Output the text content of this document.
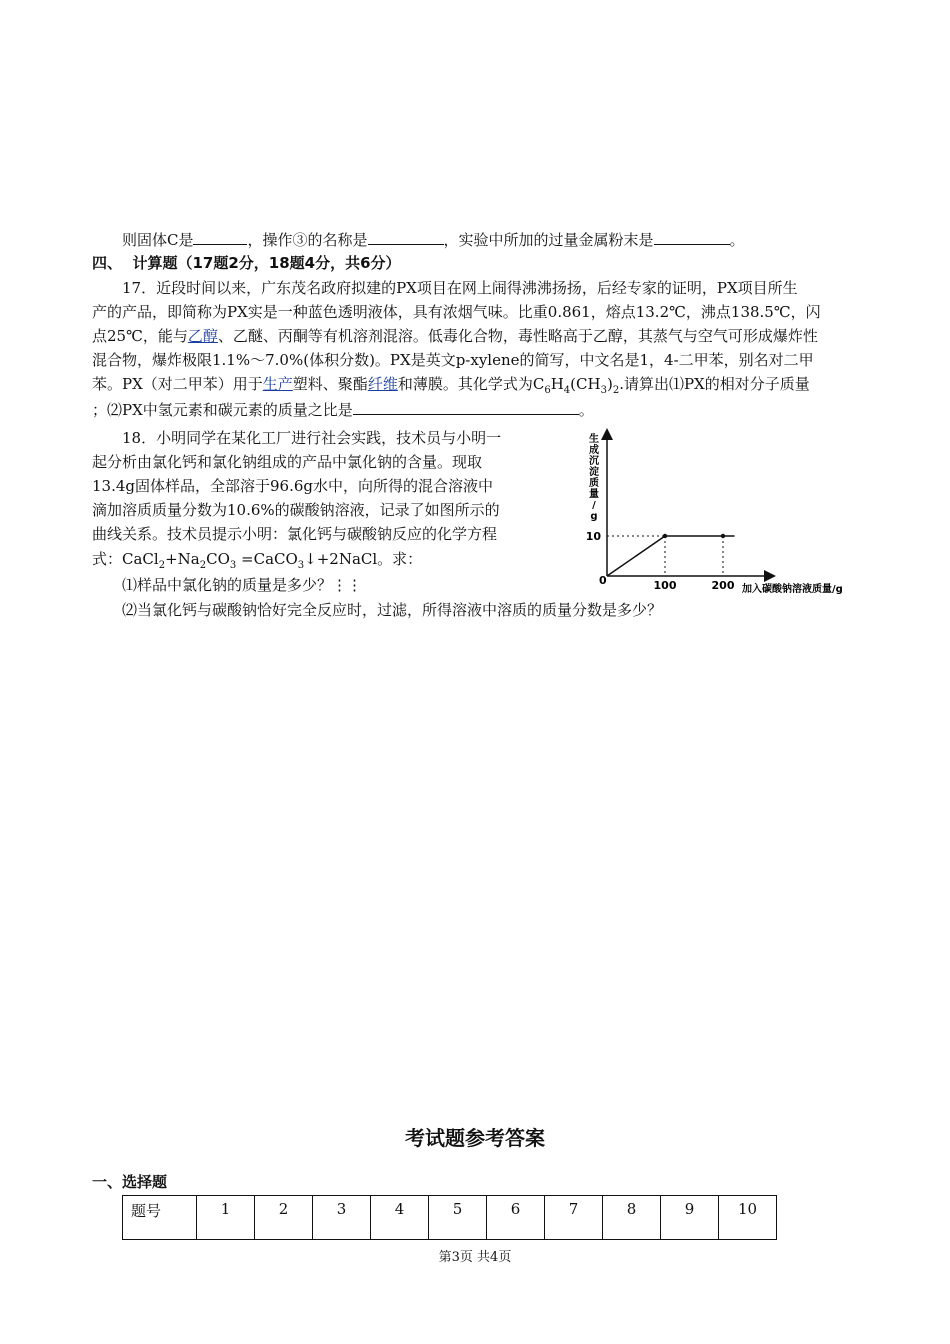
则固体C是	，操作③的名称是	，实验中所加的过量金属粉末是	。
四、 计算题（17题2分，18题4分，共6分）
17．近段时间以来，广东茂名政府拟建的PX项目在网上闹得沸沸扬扬，后经专家的证明，PX项目所生
产的产品，即简称为PX实是一种蓝色透明液体，具有浓烟气味。比重0.861，熔点13.2℃，沸点138.5℃，闪
点25℃，能与乙醇、乙醚、丙酮等有机溶剂混溶。低毒化合物，毒性略高于乙醇，其蒸气与空气可形成爆炸性
混合物，爆炸极限1.1%～7.0%(体积分数)。PX是英文p-xylene的简写，中文名是1，4-二甲苯，别名对二甲
苯。PX（对二甲苯）用于生产塑料、聚酯纤维和薄膜。其化学式为$C_6H_4(CH_3)_2$.请算出⑴PX的相对分子质量
；⑵PX中氢元素和碳元素的质量之比是	。
18．小明同学在某化工厂进行社会实践，技术员与小明一
起分析由氯化钙和氯化钠组成的产品中氯化钠的含量。现取
13.4g固体样品，全部溶于96.6g水中，向所得的混合溶液中
滴加溶质质量分数为10.6%的碳酸钠溶液，记录了如图所示的
曲线关系。技术员提示小明：氯化钙与碳酸钠反应的化学方程
式：$CaCl_2+Na_2CO_3$ =CaCO$_3$↓+2NaCl。求：
⑴样品中氯化钠的质量是多少？⋮⋮
⑵当氯化钙与碳酸钠恰好完全反应时，过滤，所得溶液中溶质的质量分数是多少？
生成沉淀质量/ g
加入碳酸钠溶液质量/g
0
10
100	200
考试题参考答案
一、选择题
题号	1	2	3	4	5	6	7	8	9	10
第3页 共4页
